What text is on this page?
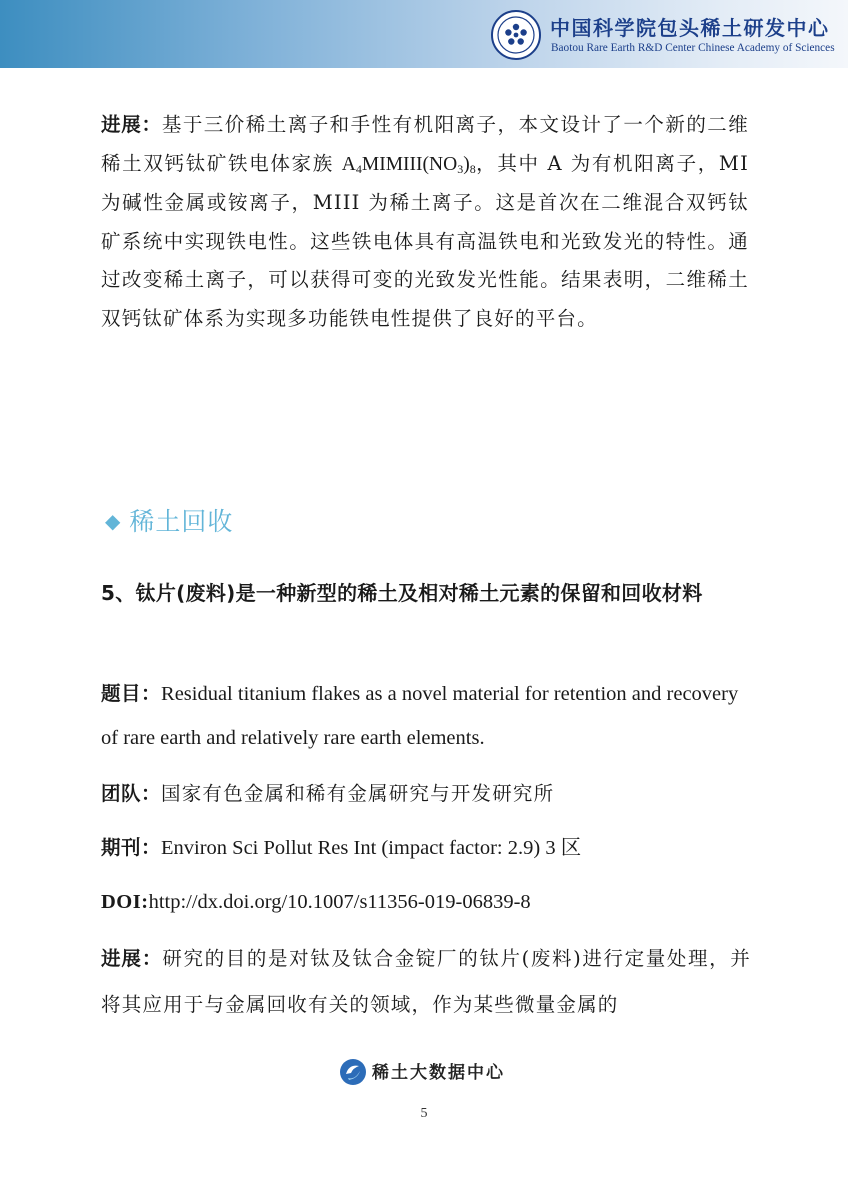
中国科学院包头稀土研发中心
Baotou Rare Earth R&D Center Chinese Academy of Sciences

进展：基于三价稀土离子和手性有机阳离子，本文设计了一个新的二维稀土双钙钛矿铁电体家族 $A_4MIMIII(NO_3)_8$，其中 A 为有机阳离子，MI 为碱性金属或铵离子，MIII 为稀土离子。这是首次在二维混合双钙钛矿系统中实现铁电性。这些铁电体具有高温铁电和光致发光的特性。通过改变稀土离子，可以获得可变的光致发光性能。结果表明，二维稀土双钙钛矿体系为实现多功能铁电性提供了良好的平台。

◆ 稀土回收
5、钛片(废料)是一种新型的稀土及相对稀土元素的保留和回收材料
题目：Residual titanium flakes as a novel material for retention and recovery of rare earth and relatively rare earth elements.
团队：国家有色金属和稀有金属研究与开发研究所
期刊：Environ Sci Pollut Res Int (impact factor: 2.9) 3 区
DOI:http://dx.doi.org/10.1007/s11356-019-06839-8
进展：研究的目的是对钛及钛合金锭厂的钛片(废料)进行定量处理，并将其应用于与金属回收有关的领域，作为某些微量金属的
稀土大数据中心
5
